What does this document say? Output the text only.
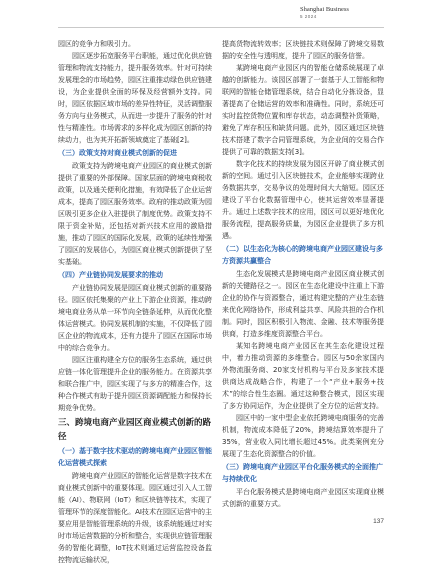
Shanghai Business
5 2024

园区的竞争力和吸引力。

园区逐步拓宽服务平台职能，通过优化供应链管理和物流支持能力，提升服务效率。针对可持续发展理念的市场趋势，园区注重推动绿色供应链建设，为企业提供全面的环保及经营额外支持。同时，园区依据区域市场的差异性特征，灵活调整服务方向与业务模式，从而进一步提升了服务的针对性与精准性。市场需求的多样化成为园区创新的持续动力，也为其开拓新领域奠定了基础[2]。

（三）政策支持对商业模式创新的促进

政策支持为跨境电商产业园区的商业模式创新提供了重要的外部保障。国家层面的跨境电商税收政策，以及通关便利化措施，有效降低了企业运营成本，提高了园区服务效率。政府的推动政策为园区吸引更多企业入驻提供了制度优势。政策支持不限于资金补贴，还包括对新兴技术应用的激励措施，推动了园区的国际化发展，政策的延续性增强了园区的发展信心，为园区商业模式创新提供了坚实基础。

（四）产业链协同发展要求的推动

产业链协同发展是园区商业模式创新的重要路径。园区依托集聚的产业上下游企业资源，推动跨境电商业务从单一环节向全链条延伸，从而优化整体运营模式。协同发展机制的实施，不仅降低了园区企业的物流成本，还有力提升了园区在国际市场中的综合竞争力。

园区注重构建全方位的服务生态系统，通过供应链一体化管理提升企业的服务能力。在资源共享和联合推广中，园区实现了与多方的精准合作，这种合作模式有助于提升园区资源调配能力和保持长期竞争优势。

三、跨境电商产业园区商业模式创新的路径
（一）基于数字技术驱动的跨境电商产业园区智能化运营模式探索

跨境电商产业园区的智能化运营是数字技术在商业模式创新中的重要体现。园区通过引入人工智能（AI）、物联网（IoT）和区块链等技术，实现了管理环节的深度智能化。AI技术在园区运营中的主要应用是智能管理系统的升级，该系统能通过对实时市场运营数据的分析和整合，实现供应链管理服务的智能化调整，IoT技术则通过运营监控设备监控物流运输状况，

提高货物流转效率；区块链技术则保障了跨境交易数据的安全性与透明度，提升了园区的服务信誉。

某跨境电商产业园区内的智能仓储系统展现了卓越的创新能力。该园区部署了一套基于人工智能和物联网的智能仓储管理系统，结合自动化分拣设备，显著提高了仓储运营的效率和准确性。同时，系统还可实时监控货物位置和库存状态，动态调整补货策略，避免了库存积压和缺货问题。此外，园区通过区块链技术搭建了数字合同管理系统，为企业间的交易合作提供了可靠的数据支持[3]。

数字化技术的持续发展为园区开辟了商业模式创新的空间。通过引入区块链技术，企业能够实现跨业务数据共享，交易争议的处理时间大大缩短。园区还建设了平台化数据管理中心，使其运营效率显著提升。通过上述数字技术的应用，园区可以更好地优化服务流程，提高服务质量，为园区企业提供了多方机遇。

（二）以生态化为核心的跨境电商产业园区建设与多方资源共赢整合

生态化发展模式是跨境电商产业园区商业模式创新的关键路径之一。园区在生态化建设中注重上下游企业的协作与资源整合，通过构建完整的产业生态链来优化网络协作，形成利益共享、风险共担的合作机制。同时，园区积极引入物流、金融、技术等服务提供商，打造多维度资源整合平台。

某知名跨境电商产业园区在其生态化建设过程中，着力推动资源的多维整合。园区与50余家国内外物流服务商、20家支付机构与平台及多家技术提供商达成战略合作，构建了一个“产业+服务+技术”的综合性生态圈。通过这种整合模式，园区实现了多方协同运作，为企业提供了全方位的运营支持。

园区中的一家中型企业依托跨境电商服务的完善机制，物流成本降低了20%，跨境结算效率提升了35%，营业收入同比增长超过45%。此类案例充分展现了生态化资源整合的价值。

（三）跨境电商产业园区平台化服务模式的全面推广与持续优化

平台化服务模式是跨境电商产业园区实现商业模式创新的重要方式。

137
